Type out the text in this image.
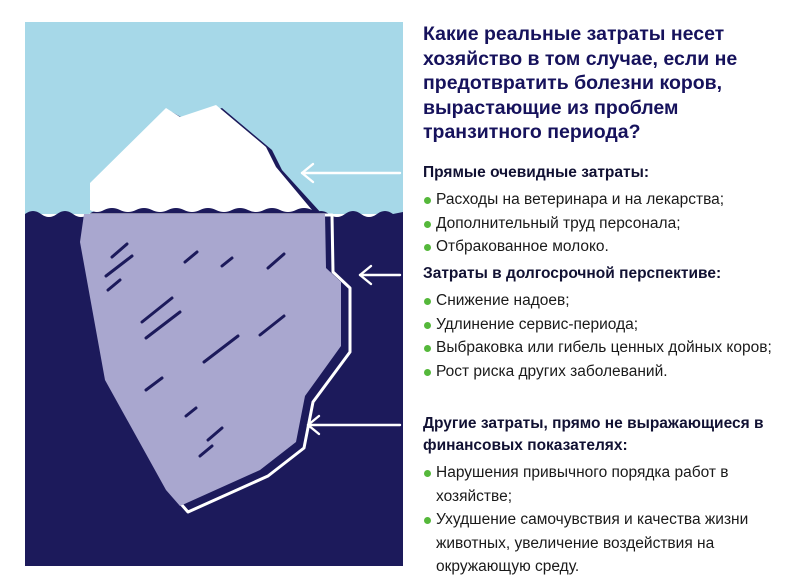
Какие реальные затраты несет хозяйство в том случае, если не предотвратить болезни коров, вырастающие из проблем транзитного периода?
Прямые очевидные затраты:
Расходы на ветеринара и на лекарства;
Дополнительный труд персонала;
Отбракованное молоко.
Затраты в долгосрочной перспективе:
Снижение надоев;
Удлинение сервис-периода;
Выбраковка или гибель ценных дойных коров;
Рост риска других заболеваний.
Другие затраты, прямо не выражающиеся в финансовых показателях:
Нарушения привычного порядка работ в хозяйстве;
Ухудшение самочувствия и качества жизни животных, увеличение воздействия на окружающую среду.
